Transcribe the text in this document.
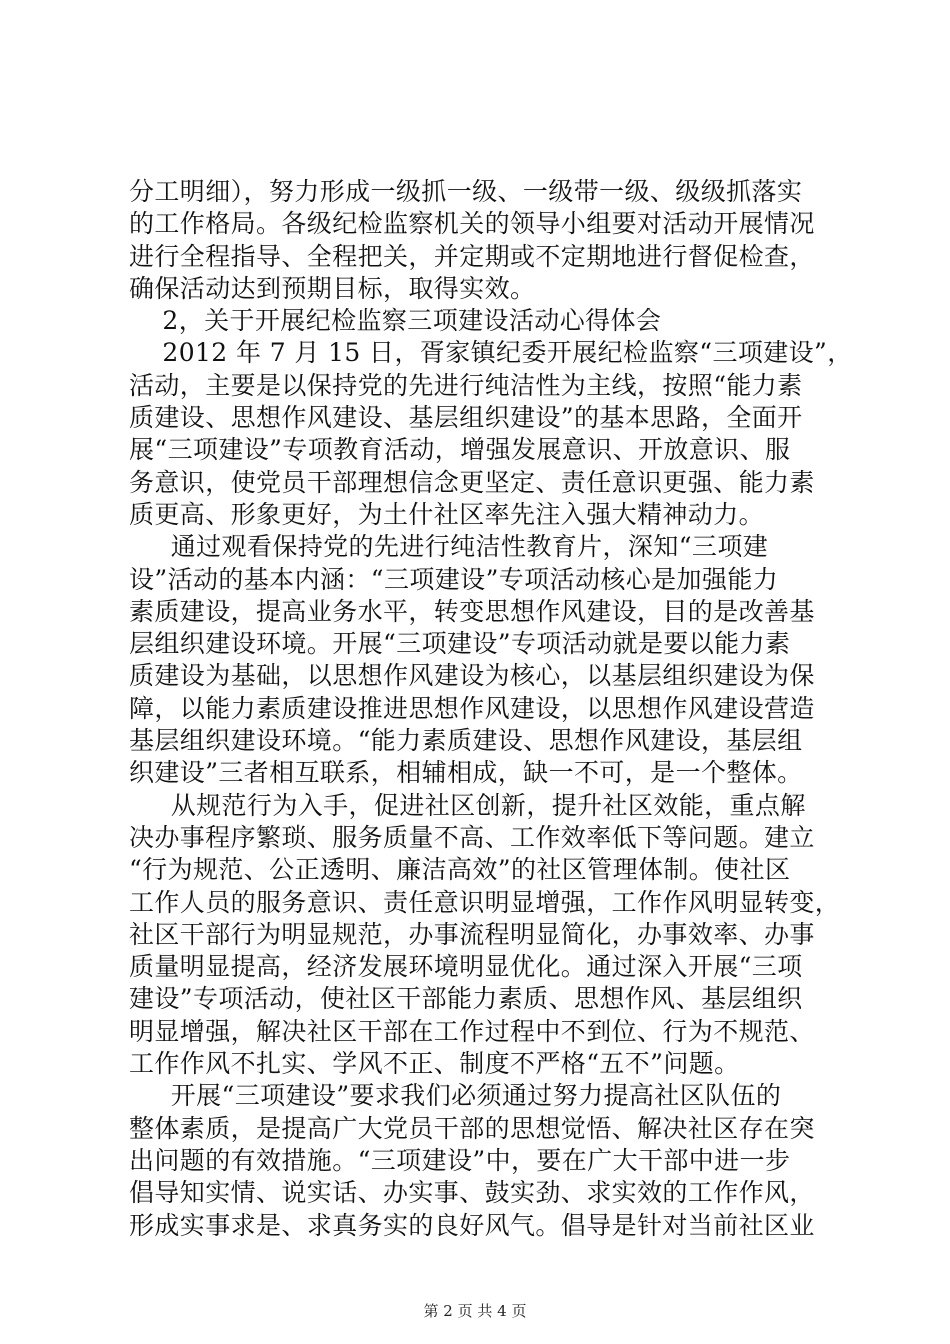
分工明细），努力形成一级抓一级、一级带一级、级级抓落实
的工作格局。各级纪检监察机关的领导小组要对活动开展情况
进行全程指导、全程把关，并定期或不定期地进行督促检查，
确保活动达到预期目标，取得实效。
2，关于开展纪检监察三项建设活动心得体会
2012 年 7 月 15 日，胥家镇纪委开展纪检监察“三项建设”，
活动，主要是以保持党的先进行纯洁性为主线，按照“能力素
质建设、思想作风建设、基层组织建设”的基本思路，全面开
展“三项建设”专项教育活动，增强发展意识、开放意识、服
务意识，使党员干部理想信念更坚定、责任意识更强、能力素
质更高、形象更好，为土什社区率先注入强大精神动力。
通过观看保持党的先进行纯洁性教育片，深知“三项建
设”活动的基本内涵：“三项建设”专项活动核心是加强能力
素质建设，提高业务水平，转变思想作风建设，目的是改善基
层组织建设环境。开展“三项建设”专项活动就是要以能力素
质建设为基础，以思想作风建设为核心，以基层组织建设为保
障，以能力素质建设推进思想作风建设，以思想作风建设营造
基层组织建设环境。“能力素质建设、思想作风建设，基层组
织建设”三者相互联系，相辅相成，缺一不可，是一个整体。
从规范行为入手，促进社区创新，提升社区效能，重点解
决办事程序繁琐、服务质量不高、工作效率低下等问题。建立
“行为规范、公正透明、廉洁高效”的社区管理体制。使社区
工作人员的服务意识、责任意识明显增强，工作作风明显转变，
社区干部行为明显规范，办事流程明显简化，办事效率、办事
质量明显提高，经济发展环境明显优化。通过深入开展“三项
建设”专项活动，使社区干部能力素质、思想作风、基层组织
明显增强，解决社区干部在工作过程中不到位、行为不规范、
工作作风不扎实、学风不正、制度不严格“五不”问题。
开展“三项建设”要求我们必须通过努力提高社区队伍的
整体素质，是提高广大党员干部的思想觉悟、解决社区存在突
出问题的有效措施。“三项建设”中，要在广大干部中进一步
倡导知实情、说实话、办实事、鼓实劲、求实效的工作作风，
形成实事求是、求真务实的良好风气。倡导是针对当前社区业
第 2 页 共 4 页
